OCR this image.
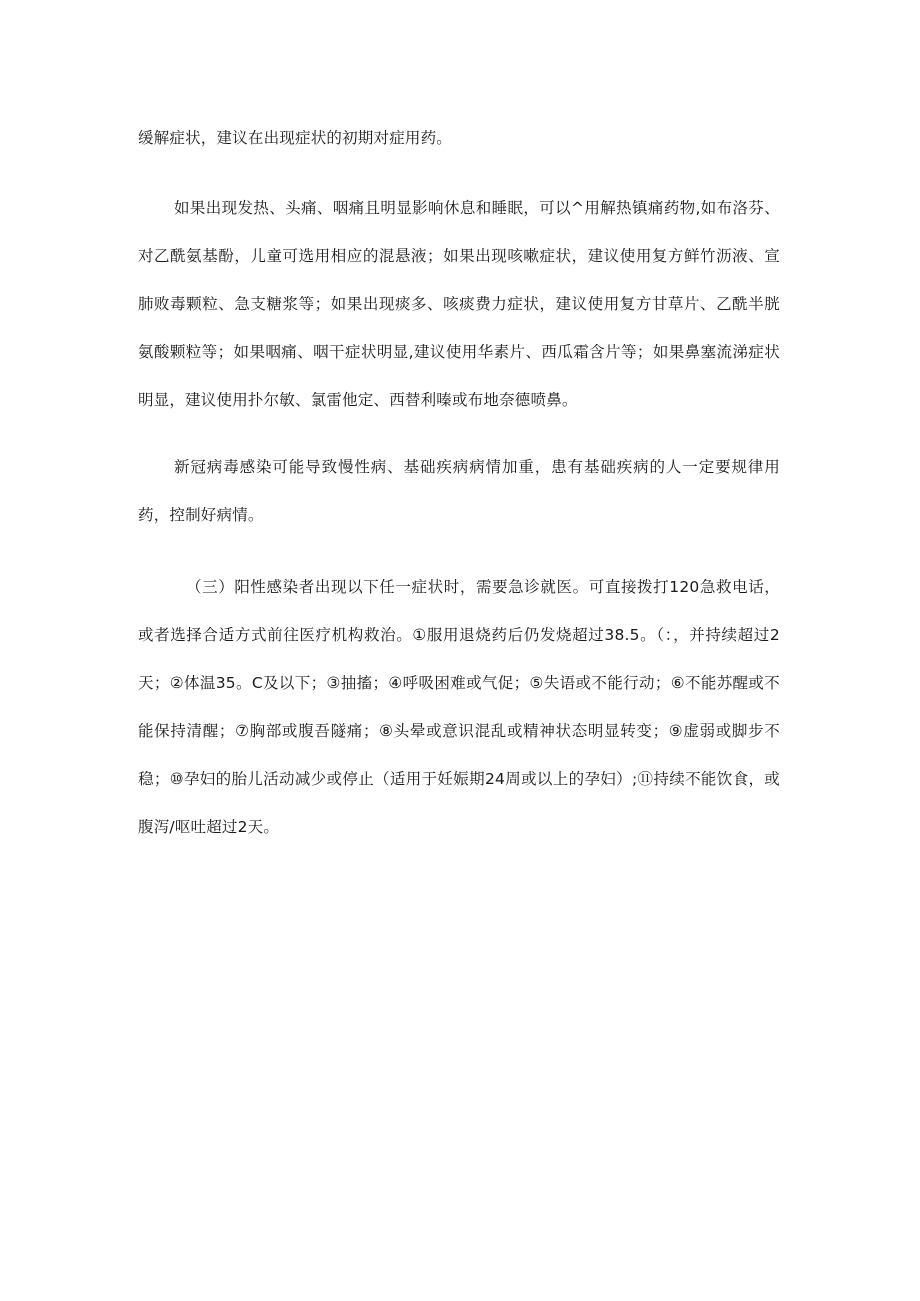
缓解症状，建议在出现症状的初期对症用药。

如果出现发热、头痛、咽痛且明显影响休息和睡眠，可以^用解热镇痛药物,如布洛芬、对乙酰氨基酚，儿童可选用相应的混悬液；如果出现咳嗽症状，建议使用复方鲜竹沥液、宣肺败毒颗粒、急支糖浆等；如果出现痰多、咳痰费力症状，建议使用复方甘草片、乙酰半胱氨酸颗粒等；如果咽痛、咽干症状明显,建议使用华素片、西瓜霜含片等；如果鼻塞流涕症状明显，建议使用扑尔敏、氯雷他定、西替利嗪或布地奈德喷鼻。

新冠病毒感染可能导致慢性病、基础疾病病情加重，患有基础疾病的人一定要规律用药，控制好病情。

（三）阳性感染者出现以下任一症状时，需要急诊就医。可直接拨打120急救电话，或者选择合适方式前往医疗机构救治。①服用退烧药后仍发烧超过38.5。（：，并持续超过2天；②体温35。C及以下；③抽搐；④呼吸困难或气促；⑤失语或不能行动；⑥不能苏醒或不能保持清醒；⑦胸部或腹吾隧痛；⑧头晕或意识混乱或精神状态明显转变；⑨虚弱或脚步不稳；⑩孕妇的胎儿活动减少或停止（适用于妊娠期24周或以上的孕妇）;⑪持续不能饮食，或腹泻/呕吐超过2天。
